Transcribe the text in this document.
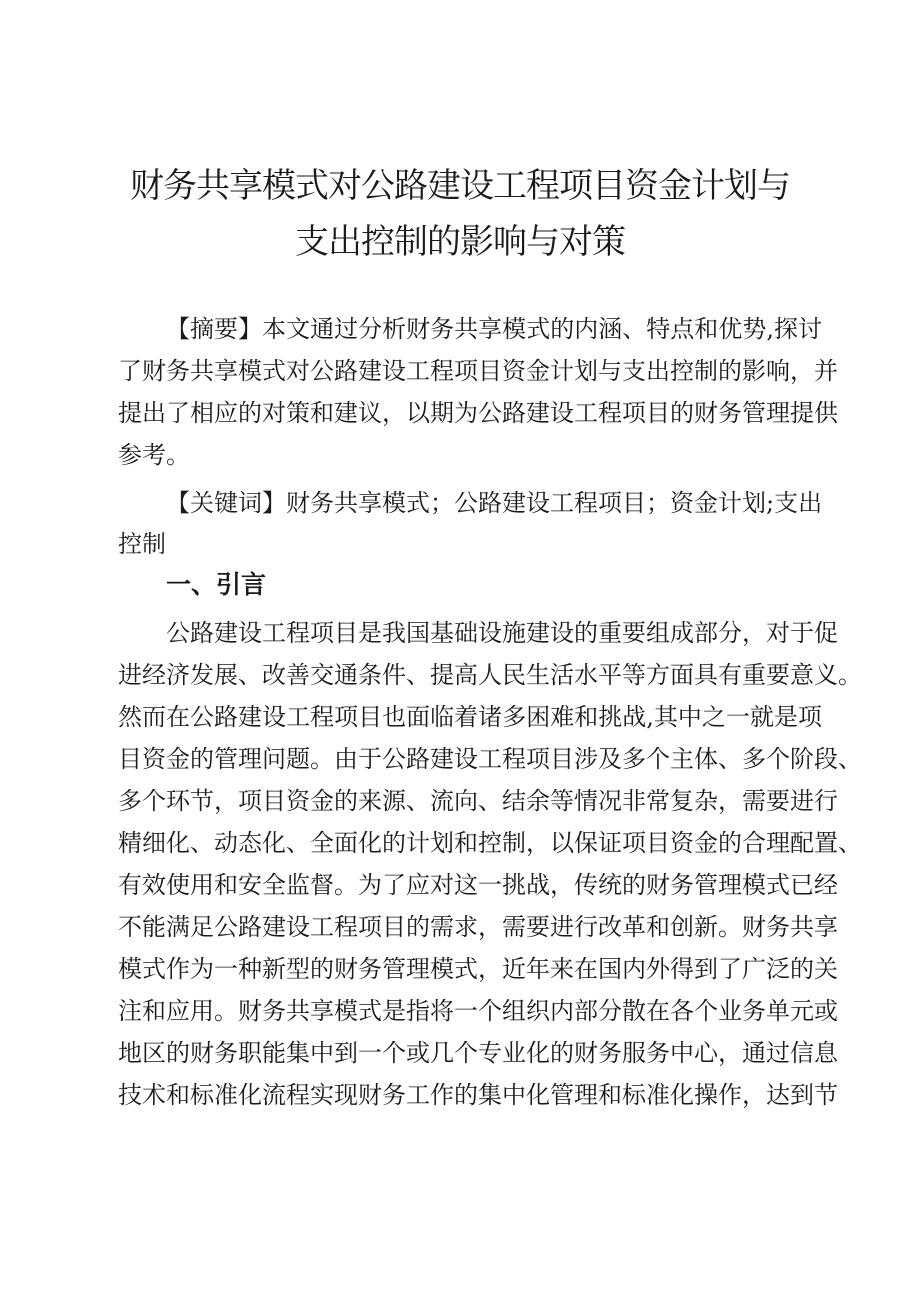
财务共享模式对公路建设工程项目资金计划与
支出控制的影响与对策

【摘要】本文通过分析财务共享模式的内涵、特点和优势,探讨

了财务共享模式对公路建设工程项目资金计划与支出控制的影响，并

提出了相应的对策和建议，以期为公路建设工程项目的财务管理提供

参考。

【关键词】财务共享模式；公路建设工程项目；资金计划;支出

控制

一、引言

公路建设工程项目是我国基础设施建设的重要组成部分，对于促

进经济发展、改善交通条件、提高人民生活水平等方面具有重要意义。

然而在公路建设工程项目也面临着诸多困难和挑战,其中之一就是项

目资金的管理问题。由于公路建设工程项目涉及多个主体、多个阶段、

多个环节，项目资金的来源、流向、结余等情况非常复杂，需要进行

精细化、动态化、全面化的计划和控制，以保证项目资金的合理配置、

有效使用和安全监督。为了应对这一挑战，传统的财务管理模式已经

不能满足公路建设工程项目的需求，需要进行改革和创新。财务共享

模式作为一种新型的财务管理模式，近年来在国内外得到了广泛的关

注和应用。财务共享模式是指将一个组织内部分散在各个业务单元或

地区的财务职能集中到一个或几个专业化的财务服务中心，通过信息

技术和标准化流程实现财务工作的集中化管理和标准化操作，达到节
